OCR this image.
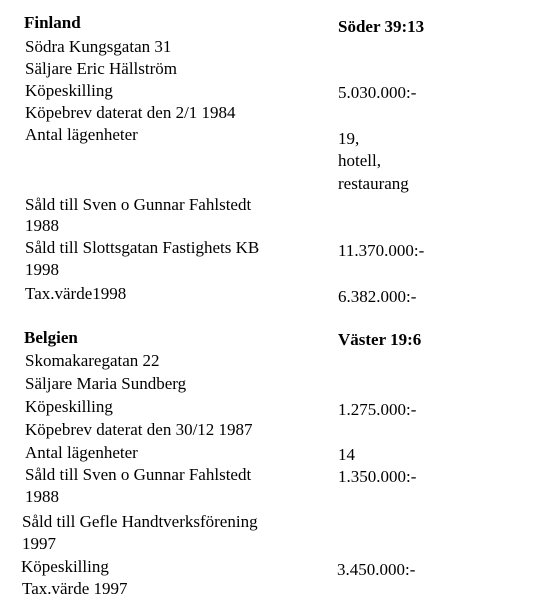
Finland	Söder 39:13
Södra Kungsgatan 31
Säljare Eric Hällström
Köpeskilling	5.030.000:-
Köpebrev daterat den 2/1 1984
Antal lägenheter	19,
hotell,
restaurang
Såld till Sven o Gunnar Fahlstedt
1988
Såld till Slottsgatan Fastighets KB	11.370.000:-
1998
Tax.värde1998	6.382.000:-
Belgien	Väster 19:6
Skomakaregatan 22
Säljare Maria Sundberg
Köpeskilling	1.275.000:-
Köpebrev daterat den 30/12 1987
Antal lägenheter	14
Såld till Sven o Gunnar Fahlstedt	1.350.000:-
1988
Såld till Gefle Handtverksförening
1997
Köpeskilling	3.450.000:-
Tax.värde 1997
